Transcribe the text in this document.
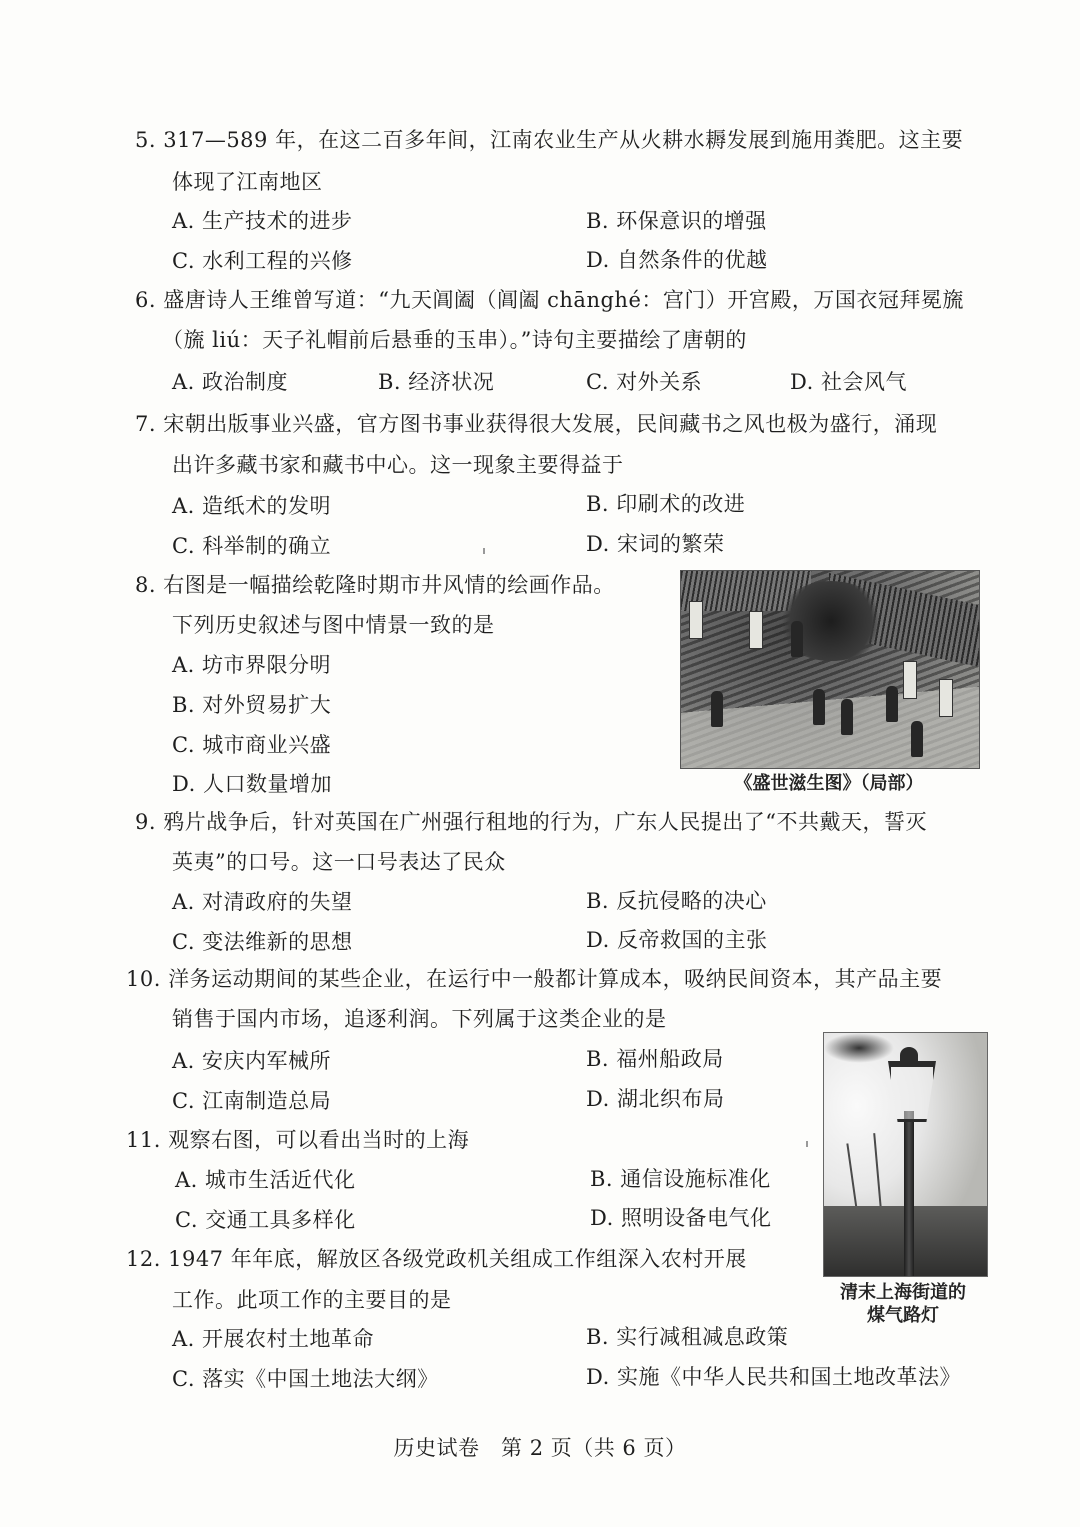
5. 317—589 年，在这二百多年间，江南农业生产从火耕水耨发展到施用粪肥。这主要
体现了江南地区
A. 生产技术的进步	B. 环保意识的增强
C. 水利工程的兴修	D. 自然条件的优越
6. 盛唐诗人王维曾写道：“九天阊阖（阊阖 chānghé：宫门）开宫殿，万国衣冠拜冕旒
（旒 liú：天子礼帽前后悬垂的玉串）。”诗句主要描绘了唐朝的
A. 政治制度	B. 经济状况	C. 对外关系	D. 社会风气
7. 宋朝出版事业兴盛，官方图书事业获得很大发展，民间藏书之风也极为盛行，涌现
出许多藏书家和藏书中心。这一现象主要得益于
A. 造纸术的发明	B. 印刷术的改进
C. 科举制的确立	D. 宋词的繁荣
8. 右图是一幅描绘乾隆时期市井风情的绘画作品。
下列历史叙述与图中情景一致的是
A. 坊市界限分明
B. 对外贸易扩大
C. 城市商业兴盛
D. 人口数量增加	《盛世滋生图》（局部）
9. 鸦片战争后，针对英国在广州强行租地的行为，广东人民提出了“不共戴天，誓灭
英夷”的口号。这一口号表达了民众
A. 对清政府的失望	B. 反抗侵略的决心
C. 变法维新的思想	D. 反帝救国的主张
10. 洋务运动期间的某些企业，在运行中一般都计算成本，吸纳民间资本，其产品主要
销售于国内市场，追逐利润。下列属于这类企业的是
A. 安庆内军械所	B. 福州船政局
C. 江南制造总局	D. 湖北织布局
11. 观察右图，可以看出当时的上海
A. 城市生活近代化	B. 通信设施标准化
C. 交通工具多样化	D. 照明设备电气化
清末上海街道的
煤气路灯
12. 1947 年年底，解放区各级党政机关组成工作组深入农村开展
工作。此项工作的主要目的是
A. 开展农村土地革命	B. 实行减租减息政策
C. 落实《中国土地法大纲》	D. 实施《中华人民共和国土地改革法》
历史试卷　第 2 页（共 6 页）
